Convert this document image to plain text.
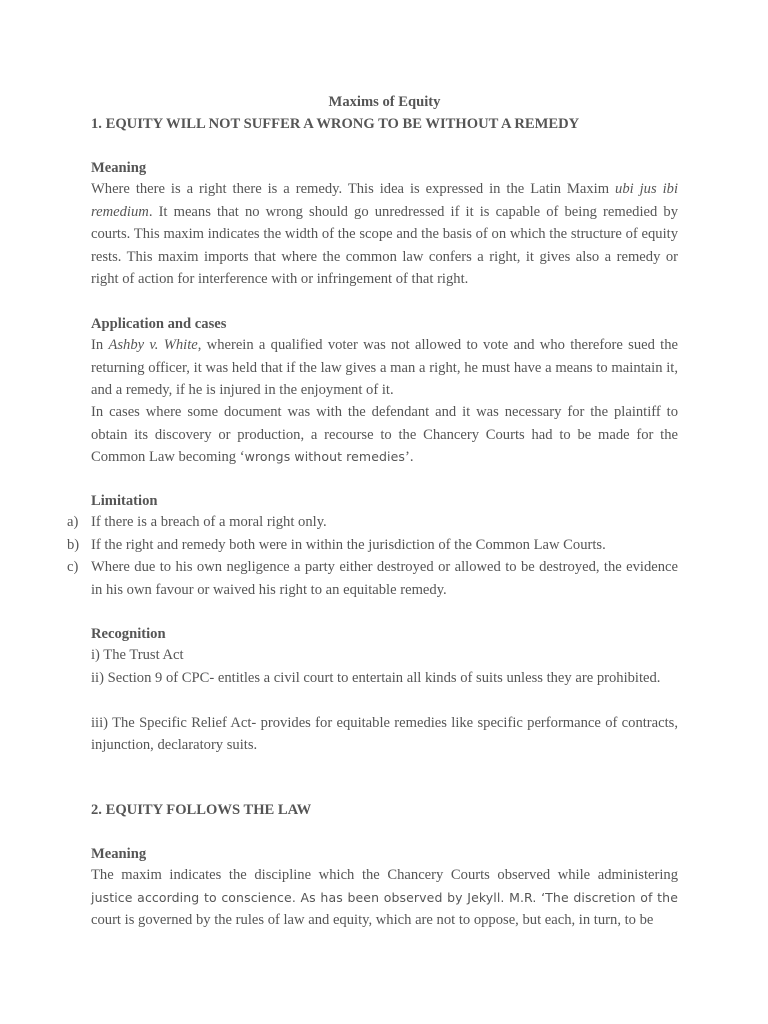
Maxims of Equity
1. EQUITY WILL NOT SUFFER A WRONG TO BE WITHOUT A REMEDY
Meaning
Where there is a right there is a remedy. This idea is expressed in the Latin Maxim ubi jus ibi remedium. It means that no wrong should go unredressed if it is capable of being remedied by courts. This maxim indicates the width of the scope and the basis of on which the structure of equity rests. This maxim imports that where the common law confers a right, it gives also a remedy or right of action for interference with or infringement of that right.
Application and cases
In Ashby v. White, wherein a qualified voter was not allowed to vote and who therefore sued the returning officer, it was held that if the law gives a man a right, he must have a means to maintain it, and a remedy, if he is injured in the enjoyment of it.
In cases where some document was with the defendant and it was necessary for the plaintiff to obtain its discovery or production, a recourse to the Chancery Courts had to be made for the Common Law becoming ‘wrongs without remedies’.
Limitation
a) If there is a breach of a moral right only.
b) If the right and remedy both were in within the jurisdiction of the Common Law Courts.
c) Where due to his own negligence a party either destroyed or allowed to be destroyed, the evidence in his own favour or waived his right to an equitable remedy.
Recognition
i) The Trust Act
ii) Section 9 of CPC- entitles a civil court to entertain all kinds of suits unless they are prohibited.
iii) The Specific Relief Act- provides for equitable remedies like specific performance of contracts, injunction, declaratory suits.
2. EQUITY FOLLOWS THE LAW
Meaning
The maxim indicates the discipline which the Chancery Courts observed while administering justice according to conscience. As has been observed by Jekyll. M.R. ‘The discretion of the court is governed by the rules of law and equity, which are not to oppose, but each, in turn, to be
